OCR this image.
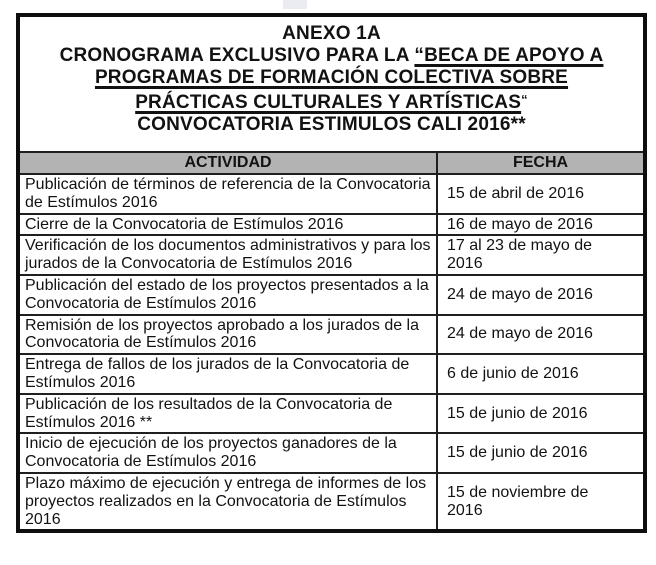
ANEXO 1A
CRONOGRAMA EXCLUSIVO PARA LA “BECA DE APOYO A
PROGRAMAS DE FORMACIÓN COLECTIVA SOBRE
PRÁCTICAS CULTURALES Y ARTÍSTICAS“
CONVOCATORIA ESTIMULOS CALI 2016**
ACTIVIDAD	FECHA
Publicación de términos de referencia de la Convocatoria de Estímulos 2016	15 de abril de 2016
Cierre de la Convocatoria de Estímulos 2016	16 de mayo de 2016
Verificación de los documentos administrativos y para los jurados de la Convocatoria de Estímulos 2016	17 al 23 de mayo de 2016
Publicación del estado de los proyectos presentados a la Convocatoria de Estímulos 2016	24 de mayo de 2016
Remisión de los proyectos aprobado a los jurados de la Convocatoria de Estímulos 2016	24 de mayo de 2016
Entrega de fallos de los jurados de la Convocatoria de Estímulos 2016	6 de junio de 2016
Publicación de los resultados de la Convocatoria de Estímulos 2016 **	15 de junio de 2016
Inicio de ejecución de los proyectos ganadores de la Convocatoria de Estímulos 2016	15 de junio de 2016
Plazo máximo de ejecución y entrega de informes de los proyectos realizados en la Convocatoria de Estímulos 2016	15 de noviembre de 2016
